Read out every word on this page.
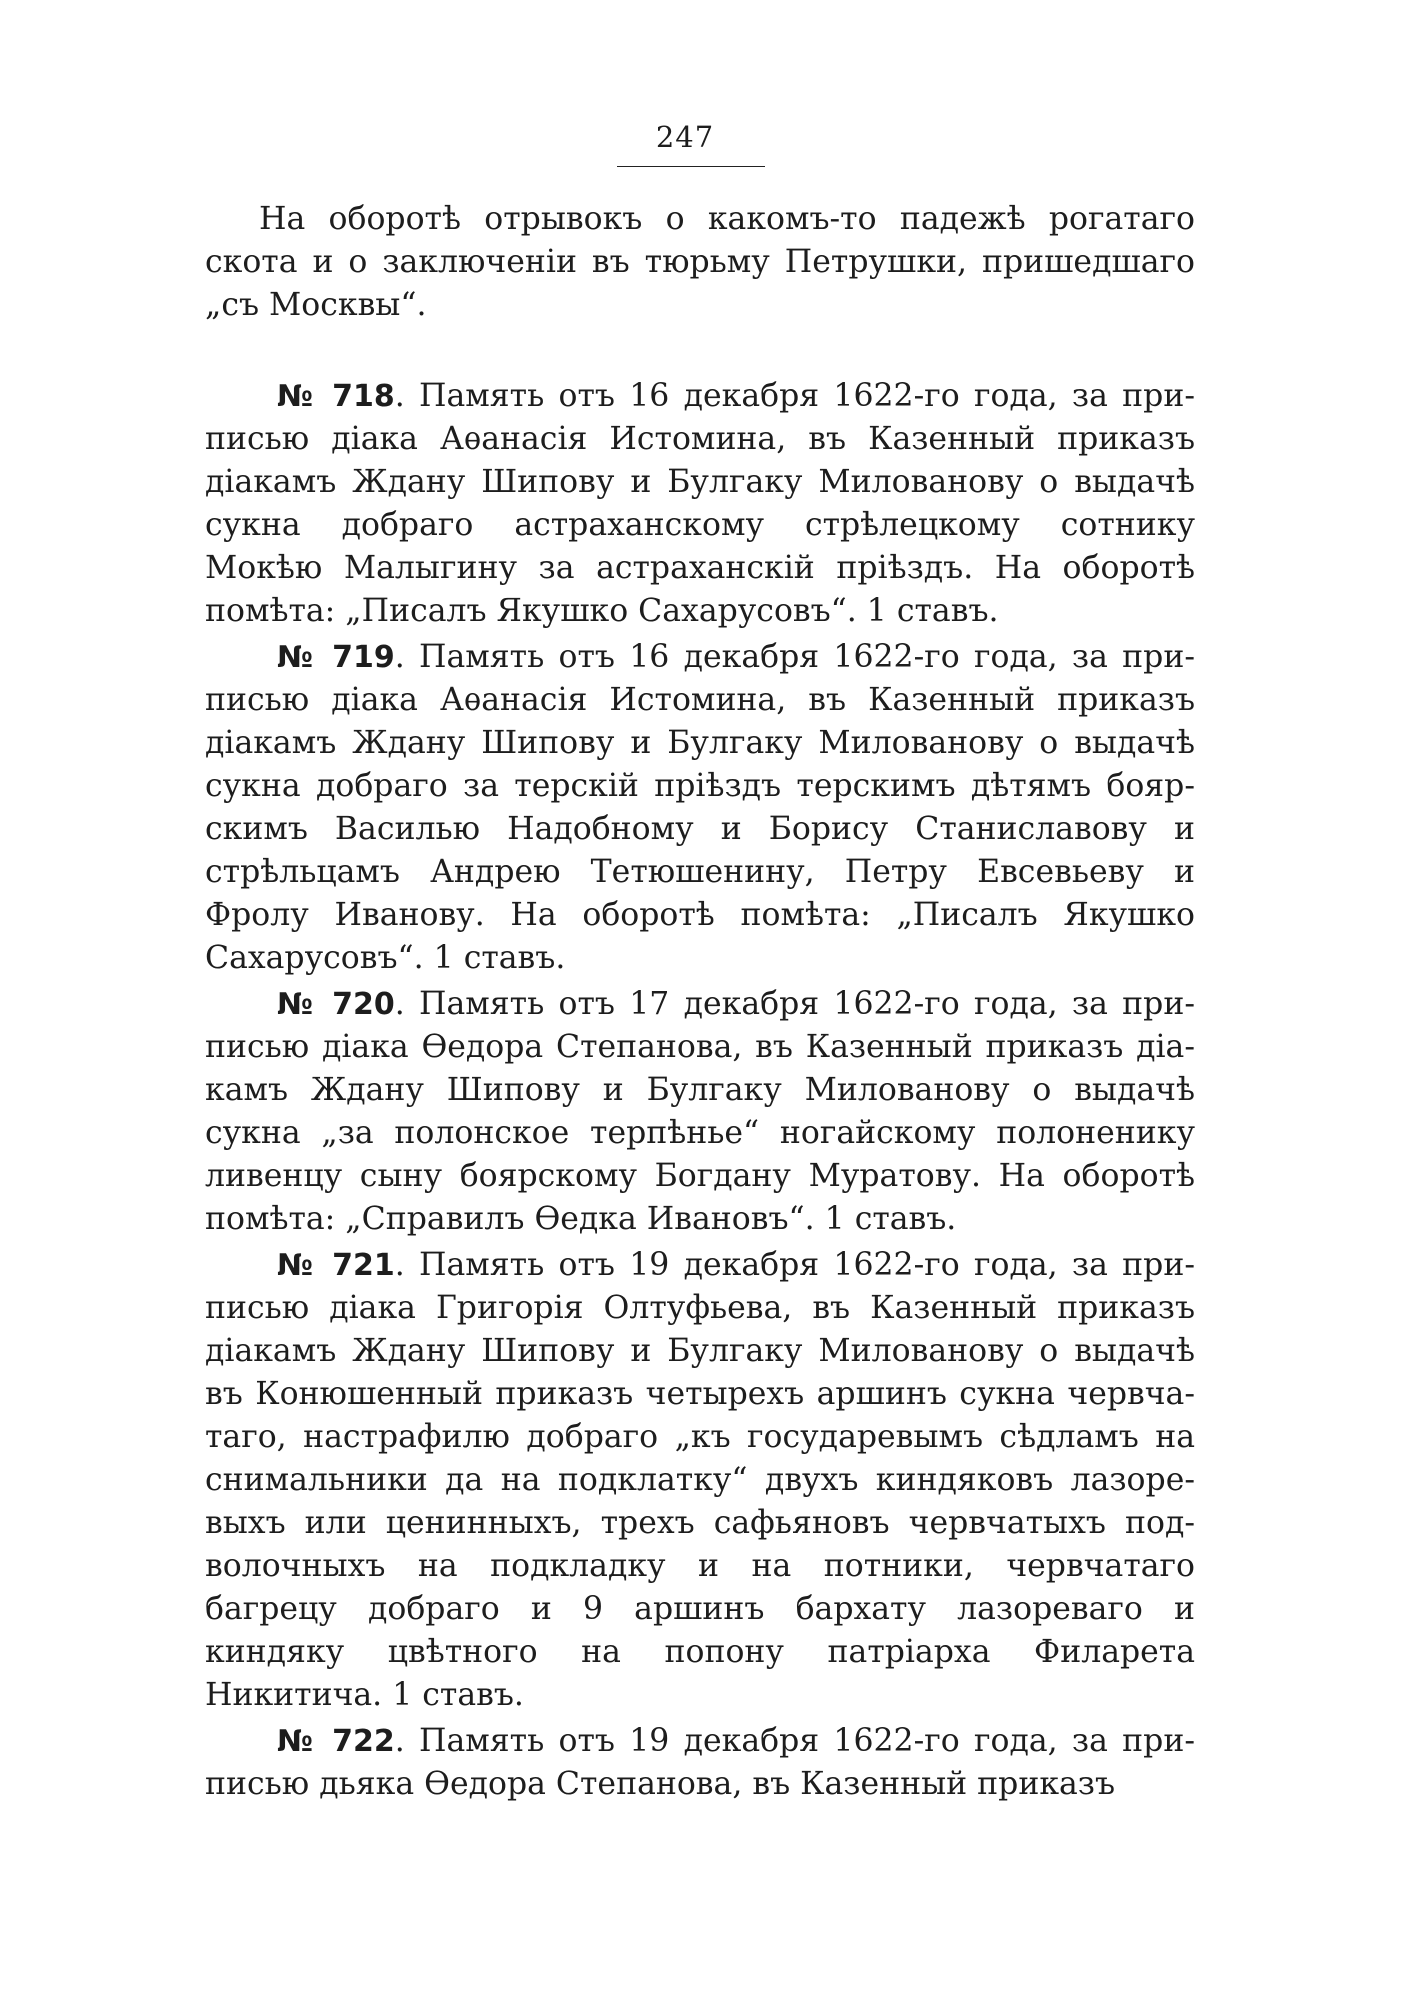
247

На оборотѣ отрывокъ о какомъ-то падежѣ рогатаго скота и о заключеніи въ тюрьму Петрушки, пришедшаго „съ Москвы“.

№ 718. Память отъ 16 декабря 1622-го года, за приписью діака Аѳанасія Истомина, въ Казенный приказъ діакамъ Ждану Шипову и Булгаку Милованову о выдачѣ сукна добраго астраханскому стрѣлецкому сотнику Мокѣю Малыгину за астраханскій пріѣздъ. На оборотѣ помѣта: „Писалъ Якушко Сахарусовъ“. 1 ставъ.

№ 719. Память отъ 16 декабря 1622-го года, за приписью діака Аѳанасія Истомина, въ Казенный приказъ діакамъ Ждану Шипову и Булгаку Милованову о выдачѣ сукна добраго за терскій пріѣздъ терскимъ дѣтямъ боярскимъ Василью Надобному и Борису Станиславову и стрѣльцамъ Андрею Тетюшенину, Петру Евсевьеву и Фролу Иванову. На оборотѣ помѣта: „Писалъ Якушко Сахарусовъ“. 1 ставъ.

№ 720. Память отъ 17 декабря 1622-го года, за приписью діака Ѳедора Степанова, въ Казенный приказъ діакамъ Ждану Шипову и Булгаку Милованову о выдачѣ сукна „за полонское терпѣнье“ ногайскому полоненику ливенцу сыну боярскому Богдану Муратову. На оборотѣ помѣта: „Справилъ Ѳедка Ивановъ“. 1 ставъ.

№ 721. Память отъ 19 декабря 1622-го года, за приписью діака Григорія Олтуфьева, въ Казенный приказъ діакамъ Ждану Шипову и Булгаку Милованову о выдачѣ въ Конюшенный приказъ четырехъ аршинъ сукна червчатаго, настрафилю добраго „къ государевымъ сѣдламъ на снимальники да на подклатку“ двухъ киндяковъ лазоревыхъ или ценинныхъ, трехъ сафьяновъ червчатыхъ подволочныхъ на подкладку и на потники, червчатаго багрецу добраго и 9 аршинъ бархату лазореваго и киндяку цвѣтного на попону патріарха Филарета Никитича. 1 ставъ.

№ 722. Память отъ 19 декабря 1622-го года, за приписью дьяка Ѳедора Степанова, въ Казенный приказъ
